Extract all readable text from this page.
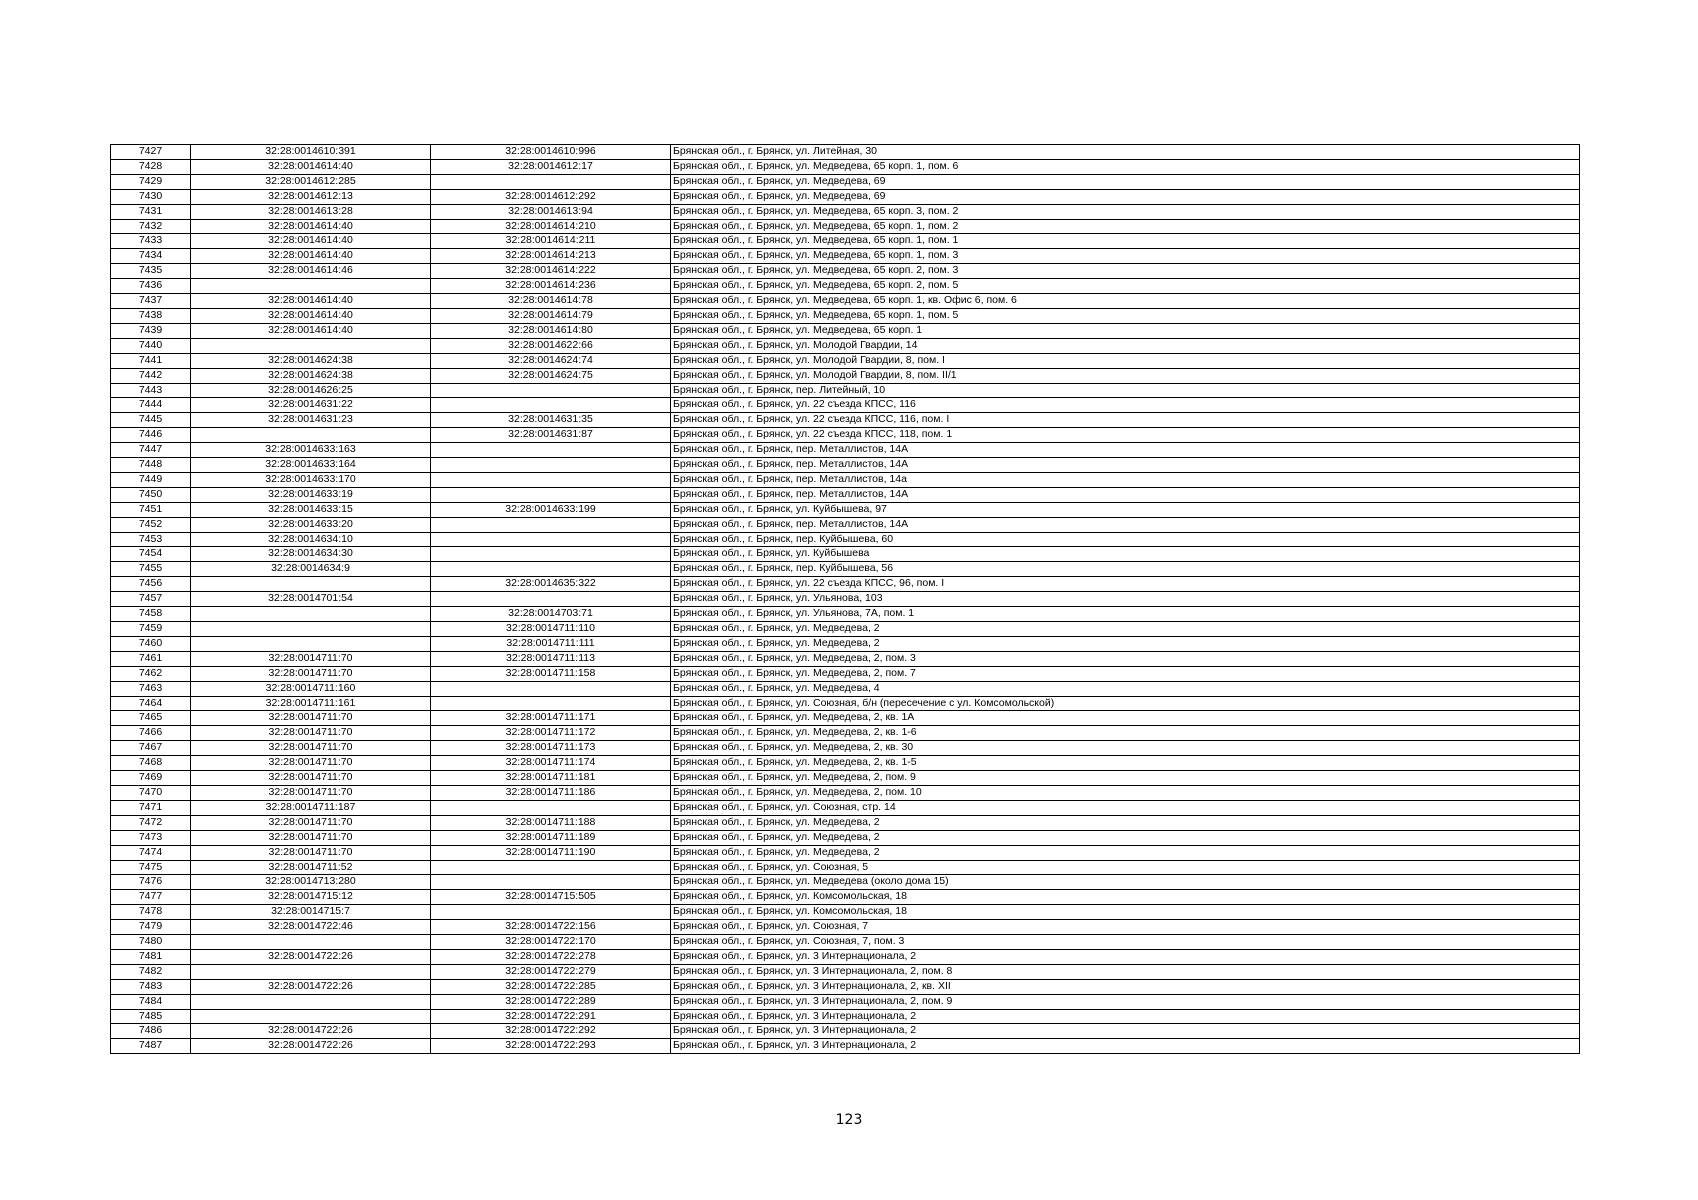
7427	32:28:0014610:391	32:28:0014610:996	Брянская обл., г. Брянск, ул. Литейная, 30
7428	32:28:0014614:40	32:28:0014612:17	Брянская обл., г. Брянск, ул. Медведева, 65 корп. 1, пом. 6
7429	32:28:0014612:285		Брянская обл., г. Брянск, ул. Медведева, 69
7430	32:28:0014612:13	32:28:0014612:292	Брянская обл., г. Брянск, ул. Медведева, 69
7431	32:28:0014613:28	32:28:0014613:94	Брянская обл., г. Брянск, ул. Медведева, 65 корп. 3, пом. 2
7432	32:28:0014614:40	32:28:0014614:210	Брянская обл., г. Брянск, ул. Медведева, 65 корп. 1, пом. 2
7433	32:28:0014614:40	32:28:0014614:211	Брянская обл., г. Брянск, ул. Медведева, 65 корп. 1, пом. 1
7434	32:28:0014614:40	32:28:0014614:213	Брянская обл., г. Брянск, ул. Медведева, 65 корп. 1, пом. 3
7435	32:28:0014614:46	32:28:0014614:222	Брянская обл., г. Брянск, ул. Медведева, 65 корп. 2, пом. 3
7436		32:28:0014614:236	Брянская обл., г. Брянск, ул. Медведева, 65 корп. 2, пом. 5
7437	32:28:0014614:40	32:28:0014614:78	Брянская обл., г. Брянск, ул. Медведева, 65 корп. 1, кв. Офис 6, пом. 6
7438	32:28:0014614:40	32:28:0014614:79	Брянская обл., г. Брянск, ул. Медведева, 65 корп. 1, пом. 5
7439	32:28:0014614:40	32:28:0014614:80	Брянская обл., г. Брянск, ул. Медведева, 65 корп. 1
7440		32:28:0014622:66	Брянская обл., г. Брянск, ул. Молодой Гвардии, 14
7441	32:28:0014624:38	32:28:0014624:74	Брянская обл., г. Брянск, ул. Молодой Гвардии, 8, пом. I
7442	32:28:0014624:38	32:28:0014624:75	Брянская обл., г. Брянск, ул. Молодой Гвардии, 8, пом. II/1
7443	32:28:0014626:25		Брянская обл., г. Брянск, пер. Литейный, 10
7444	32:28:0014631:22		Брянская обл., г. Брянск, ул. 22 съезда КПСС, 116
7445	32:28:0014631:23	32:28:0014631:35	Брянская обл., г. Брянск, ул. 22 съезда КПСС, 116, пом. I
7446		32:28:0014631:87	Брянская обл., г. Брянск, ул. 22 съезда КПСС, 118, пом. 1
7447	32:28:0014633:163		Брянская обл., г. Брянск, пер. Металлистов, 14А
7448	32:28:0014633:164		Брянская обл., г. Брянск, пер. Металлистов, 14А
7449	32:28:0014633:170		Брянская обл., г. Брянск, пер. Металлистов, 14а
7450	32:28:0014633:19		Брянская обл., г. Брянск, пер. Металлистов, 14А
7451	32:28:0014633:15	32:28:0014633:199	Брянская обл., г. Брянск, ул. Куйбышева, 97
7452	32:28:0014633:20		Брянская обл., г. Брянск, пер. Металлистов, 14А
7453	32:28:0014634:10		Брянская обл., г. Брянск, пер. Куйбышева, 60
7454	32:28:0014634:30		Брянская обл., г. Брянск, ул. Куйбышева
7455	32:28:0014634:9		Брянская обл., г. Брянск, пер. Куйбышева, 56
7456		32:28:0014635:322	Брянская обл., г. Брянск, ул. 22 съезда КПСС, 96, пом. I
7457	32:28:0014701:54		Брянская обл., г. Брянск, ул. Ульянова, 103
7458		32:28:0014703:71	Брянская обл., г. Брянск, ул. Ульянова, 7А, пом. 1
7459		32:28:0014711:110	Брянская обл., г. Брянск, ул. Медведева, 2
7460		32:28:0014711:111	Брянская обл., г. Брянск, ул. Медведева, 2
7461	32:28:0014711:70	32:28:0014711:113	Брянская обл., г. Брянск, ул. Медведева, 2, пом. 3
7462	32:28:0014711:70	32:28:0014711:158	Брянская обл., г. Брянск, ул. Медведева, 2, пом. 7
7463	32:28:0014711:160		Брянская обл., г. Брянск, ул. Медведева, 4
7464	32:28:0014711:161		Брянская обл., г. Брянск, ул. Союзная, б/н (пересечение с ул. Комсомольской)
7465	32:28:0014711:70	32:28:0014711:171	Брянская обл., г. Брянск, ул. Медведева, 2, кв. 1А
7466	32:28:0014711:70	32:28:0014711:172	Брянская обл., г. Брянск, ул. Медведева, 2, кв. 1-6
7467	32:28:0014711:70	32:28:0014711:173	Брянская обл., г. Брянск, ул. Медведева, 2, кв. 30
7468	32:28:0014711:70	32:28:0014711:174	Брянская обл., г. Брянск, ул. Медведева, 2, кв. 1-5
7469	32:28:0014711:70	32:28:0014711:181	Брянская обл., г. Брянск, ул. Медведева, 2, пом. 9
7470	32:28:0014711:70	32:28:0014711:186	Брянская обл., г. Брянск, ул. Медведева, 2, пом. 10
7471	32:28:0014711:187		Брянская обл., г. Брянск, ул. Союзная, стр. 14
7472	32:28:0014711:70	32:28:0014711:188	Брянская обл., г. Брянск, ул. Медведева, 2
7473	32:28:0014711:70	32:28:0014711:189	Брянская обл., г. Брянск, ул. Медведева, 2
7474	32:28:0014711:70	32:28:0014711:190	Брянская обл., г. Брянск, ул. Медведева, 2
7475	32:28:0014711:52		Брянская обл., г. Брянск, ул. Союзная, 5
7476	32:28:0014713:280		Брянская обл., г. Брянск, ул. Медведева (около дома 15)
7477	32:28:0014715:12	32:28:0014715:505	Брянская обл., г. Брянск, ул. Комсомольская, 18
7478	32:28:0014715:7		Брянская обл., г. Брянск, ул. Комсомольская, 18
7479	32:28:0014722:46	32:28:0014722:156	Брянская обл., г. Брянск, ул. Союзная, 7
7480		32:28:0014722:170	Брянская обл., г. Брянск, ул. Союзная, 7, пом. 3
7481	32:28:0014722:26	32:28:0014722:278	Брянская обл., г. Брянск, ул. 3 Интернационала, 2
7482		32:28:0014722:279	Брянская обл., г. Брянск, ул. 3 Интернационала, 2, пом. 8
7483	32:28:0014722:26	32:28:0014722:285	Брянская обл., г. Брянск, ул. 3 Интернационала, 2, кв. XII
7484		32:28:0014722:289	Брянская обл., г. Брянск, ул. 3 Интернационала, 2, пом. 9
7485		32:28:0014722:291	Брянская обл., г. Брянск, ул. 3 Интернационала, 2
7486	32:28:0014722:26	32:28:0014722:292	Брянская обл., г. Брянск, ул. 3 Интернационала, 2
7487	32:28:0014722:26	32:28:0014722:293	Брянская обл., г. Брянск, ул. 3 Интернационала, 2
123
